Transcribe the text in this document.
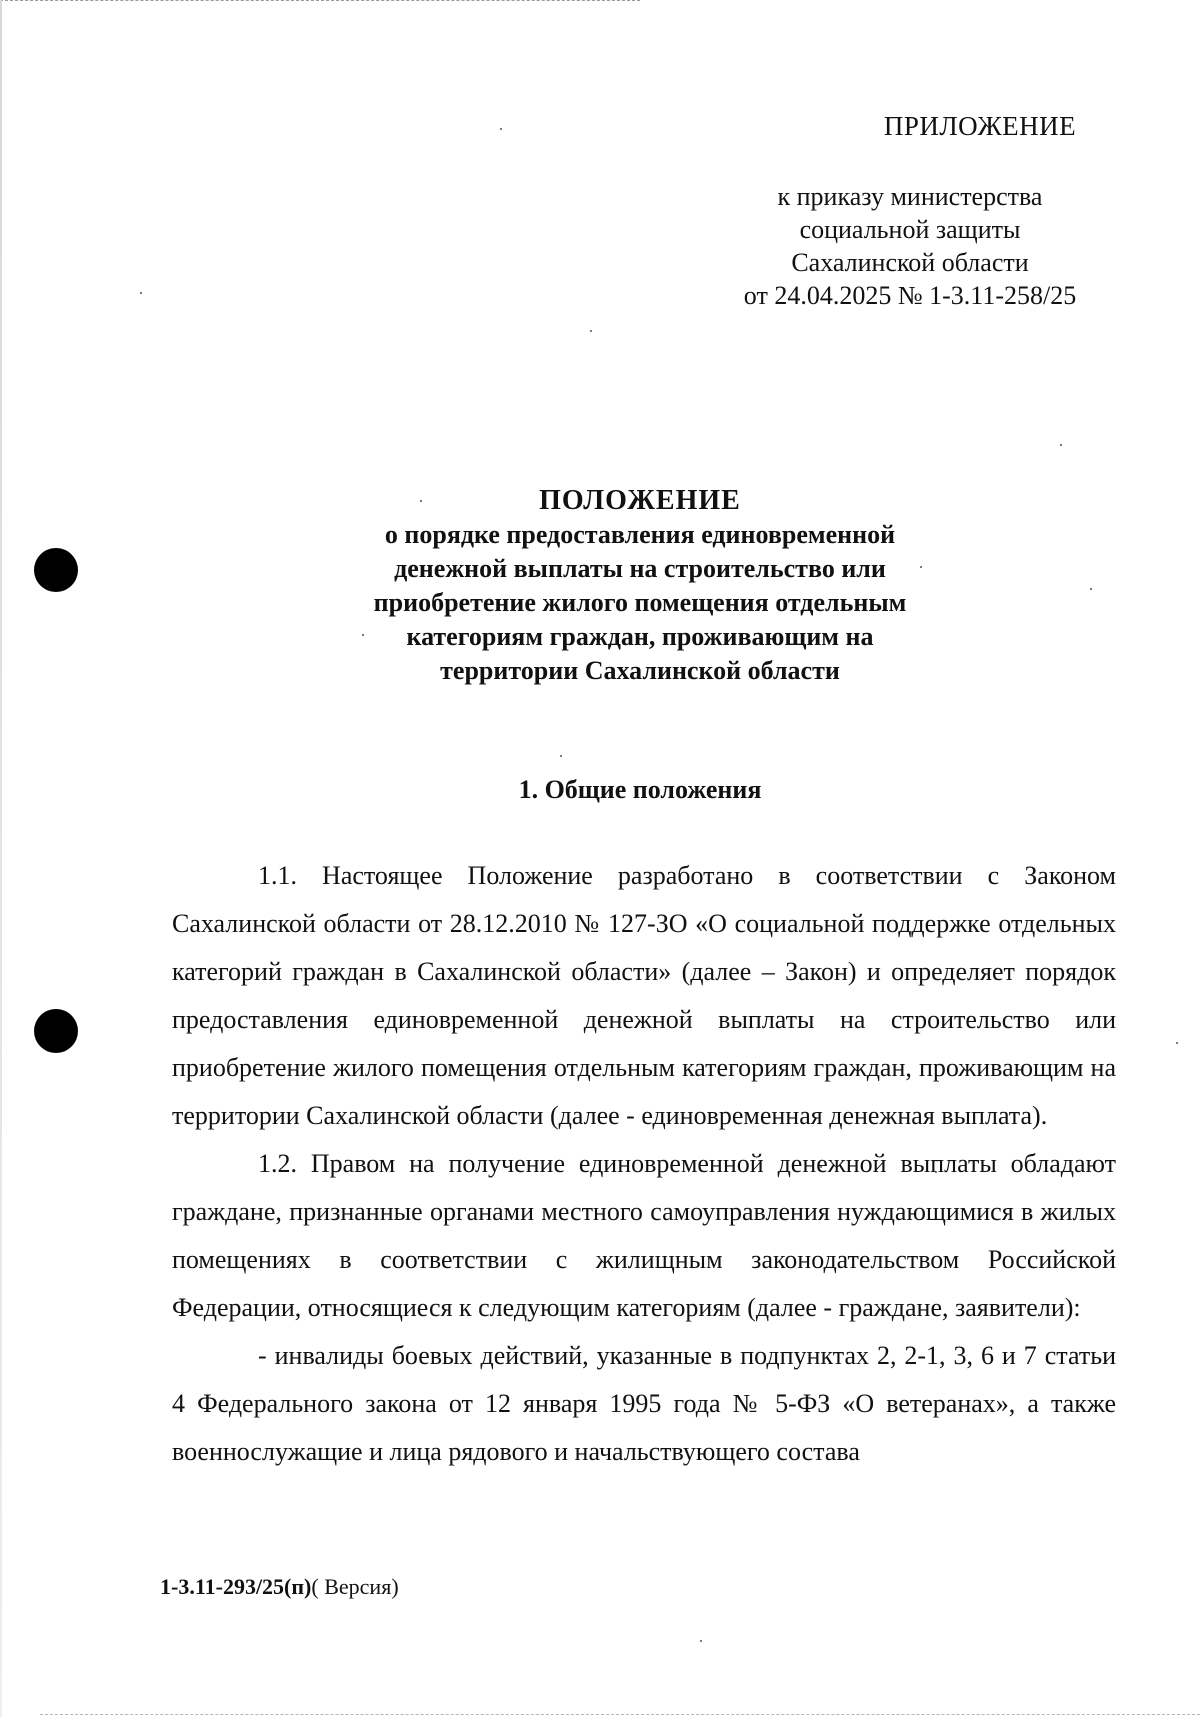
ПРИЛОЖЕНИЕ
к приказу министерства
социальной защиты
Сахалинской области
от 24.04.2025 № 1-3.11-258/25
ПОЛОЖЕНИЕ
о порядке предоставления единовременной
денежной выплаты на строительство или
приобретение жилого помещения отдельным
категориям граждан, проживающим на
территории Сахалинской области
1. Общие положения

1.1. Настоящее Положение разработано в соответствии с Законом Сахалинской области от 28.12.2010 № 127-ЗО «О социальной поддержке отдельных категорий граждан в Сахалинской области» (далее – Закон) и определяет порядок предоставления единовременной денежной выплаты на строительство или приобретение жилого помещения отдельным категориям граждан, проживающим на территории Сахалинской области (далее - единовременная денежная выплата).

1.2. Правом на получение единовременной денежной выплаты обладают граждане, признанные органами местного самоуправления нуждающимися в жилых помещениях в соответствии с жилищным законодательством Российской Федерации, относящиеся к следующим категориям (далее - граждане, заявители):

- инвалиды боевых действий, указанные в подпунктах 2, 2-1, 3, 6 и 7 статьи 4 Федерального закона от 12 января 1995 года № 5-ФЗ «О ветеранах», а также военнослужащие и лица рядового и начальствующего состава

1-3.11-293/25(п)( Версия)
